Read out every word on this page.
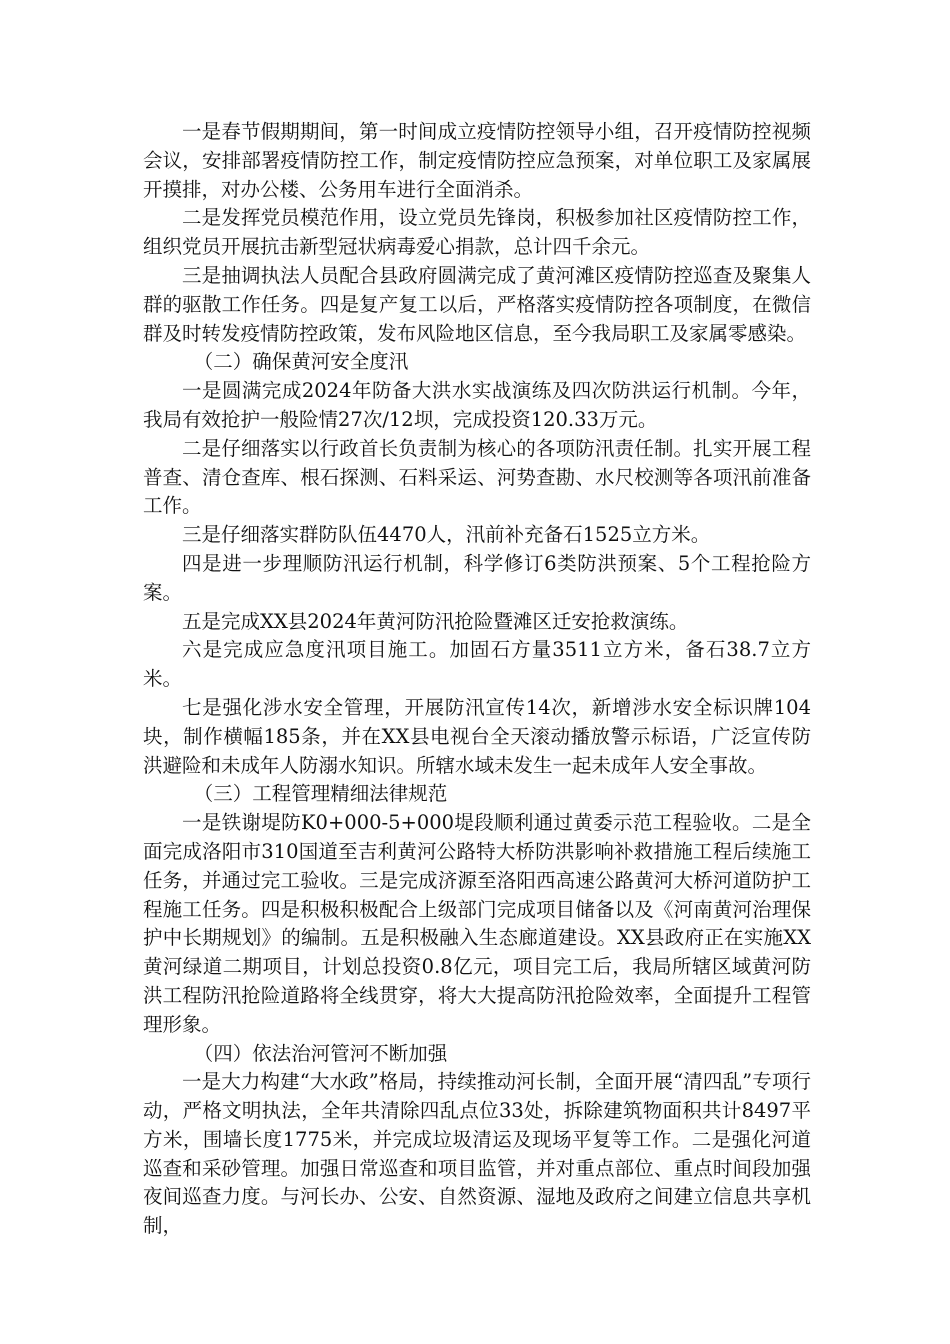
一是春节假期期间，第一时间成立疫情防控领导小组，召开疫情防控视频会议，安排部署疫情防控工作，制定疫情防控应急预案，对单位职工及家属展开摸排，对办公楼、公务用车进行全面消杀。

二是发挥党员模范作用，设立党员先锋岗，积极参加社区疫情防控工作，组织党员开展抗击新型冠状病毒爱心捐款，总计四千余元。

三是抽调执法人员配合县政府圆满完成了黄河滩区疫情防控巡查及聚集人群的驱散工作任务。四是复产复工以后，严格落实疫情防控各项制度，在微信群及时转发疫情防控政策，发布风险地区信息，至今我局职工及家属零感染。

（二）确保黄河安全度汛

一是圆满完成2024年防备大洪水实战演练及四次防洪运行机制。今年，我局有效抢护一般险情27次/12坝，完成投资120.33万元。

二是仔细落实以行政首长负责制为核心的各项防汛责任制。扎实开展工程普查、清仓查库、根石探测、石料采运、河势查勘、水尺校测等各项汛前准备工作。

三是仔细落实群防队伍4470人，汛前补充备石1525立方米。

四是进一步理顺防汛运行机制，科学修订6类防洪预案、5个工程抢险方案。

五是完成XX县2024年黄河防汛抢险暨滩区迁安抢救演练。

六是完成应急度汛项目施工。加固石方量3511立方米，备石38.7立方米。

七是强化涉水安全管理，开展防汛宣传14次，新增涉水安全标识牌104块，制作横幅185条，并在XX县电视台全天滚动播放警示标语，广泛宣传防洪避险和未成年人防溺水知识。所辖水域未发生一起未成年人安全事故。

（三）工程管理精细法律规范

一是铁谢堤防K0+000-5+000堤段顺利通过黄委示范工程验收。二是全面完成洛阳市310国道至吉利黄河公路特大桥防洪影响补救措施工程后续施工任务，并通过完工验收。三是完成济源至洛阳西高速公路黄河大桥河道防护工程施工任务。四是积极积极配合上级部门完成项目储备以及《河南黄河治理保护中长期规划》的编制。五是积极融入生态廊道建设。XX县政府正在实施XX黄河绿道二期项目，计划总投资0.8亿元，项目完工后，我局所辖区域黄河防洪工程防汛抢险道路将全线贯穿，将大大提高防汛抢险效率，全面提升工程管理形象。

（四）依法治河管河不断加强

一是大力构建“大水政”格局，持续推动河长制，全面开展“清四乱”专项行动，严格文明执法，全年共清除四乱点位33处，拆除建筑物面积共计8497平方米，围墙长度1775米，并完成垃圾清运及现场平复等工作。二是强化河道巡查和采砂管理。加强日常巡查和项目监管，并对重点部位、重点时间段加强夜间巡查力度。与河长办、公安、自然资源、湿地及政府之间建立信息共享机制，
